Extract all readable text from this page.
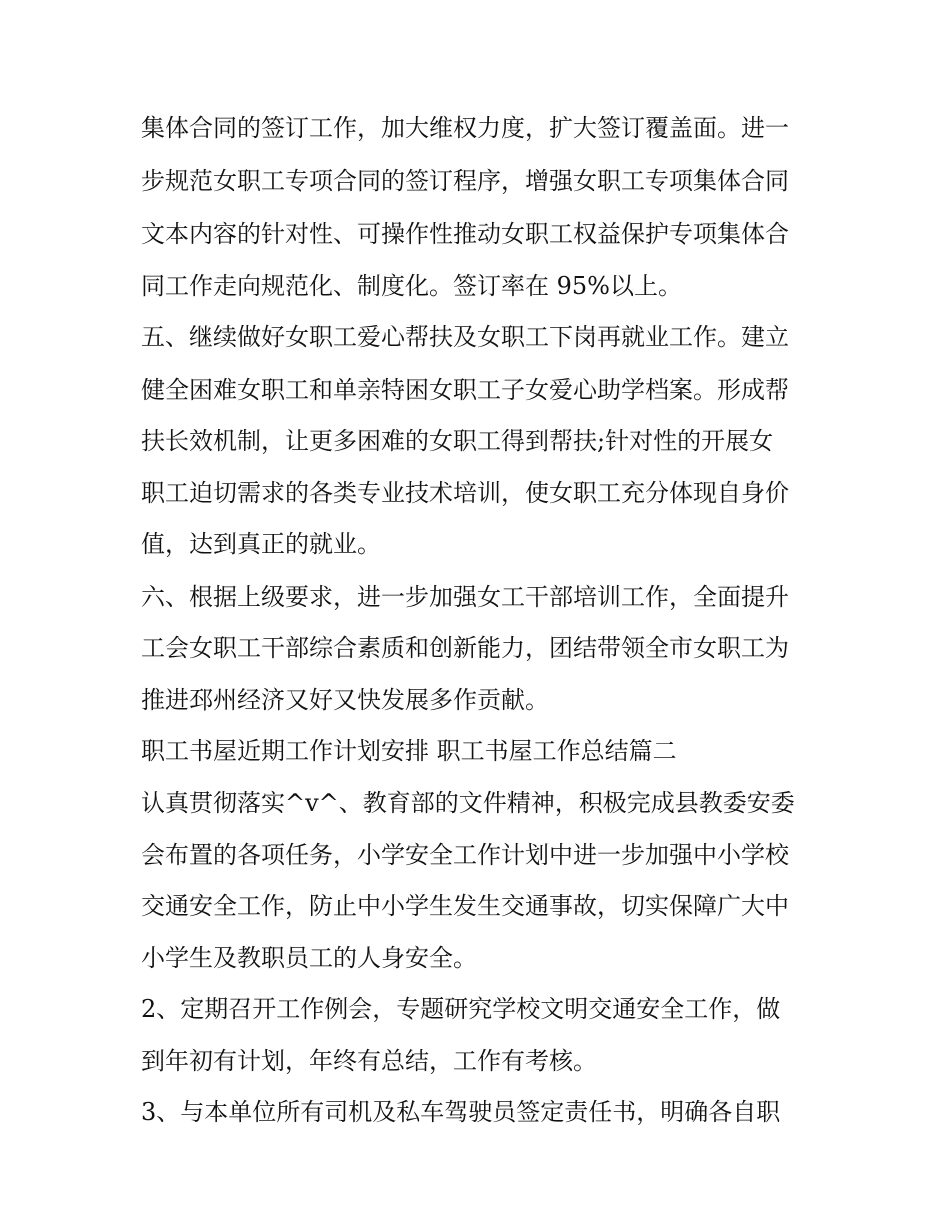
集体合同的签订工作，加大维权力度，扩大签订覆盖面。进一
步规范女职工专项合同的签订程序，增强女职工专项集体合同
文本内容的针对性、可操作性推动女职工权益保护专项集体合
同工作走向规范化、制度化。签订率在 95%以上。
五、继续做好女职工爱心帮扶及女职工下岗再就业工作。建立
健全困难女职工和单亲特困女职工子女爱心助学档案。形成帮
扶长效机制，让更多困难的女职工得到帮扶;针对性的开展女
职工迫切需求的各类专业技术培训，使女职工充分体现自身价
值，达到真正的就业。
六、根据上级要求，进一步加强女工干部培训工作，全面提升
工会女职工干部综合素质和创新能力，团结带领全市女职工为
推进邳州经济又好又快发展多作贡献。
职工书屋近期工作计划安排 职工书屋工作总结篇二
认真贯彻落实^v^、教育部的文件精神，积极完成县教委安委
会布置的各项任务，小学安全工作计划中进一步加强中小学校
交通安全工作，防止中小学生发生交通事故，切实保障广大中
小学生及教职员工的人身安全。
2、定期召开工作例会，专题研究学校文明交通安全工作，做
到年初有计划，年终有总结，工作有考核。
3、与本单位所有司机及私车驾驶员签定责任书，明确各自职
